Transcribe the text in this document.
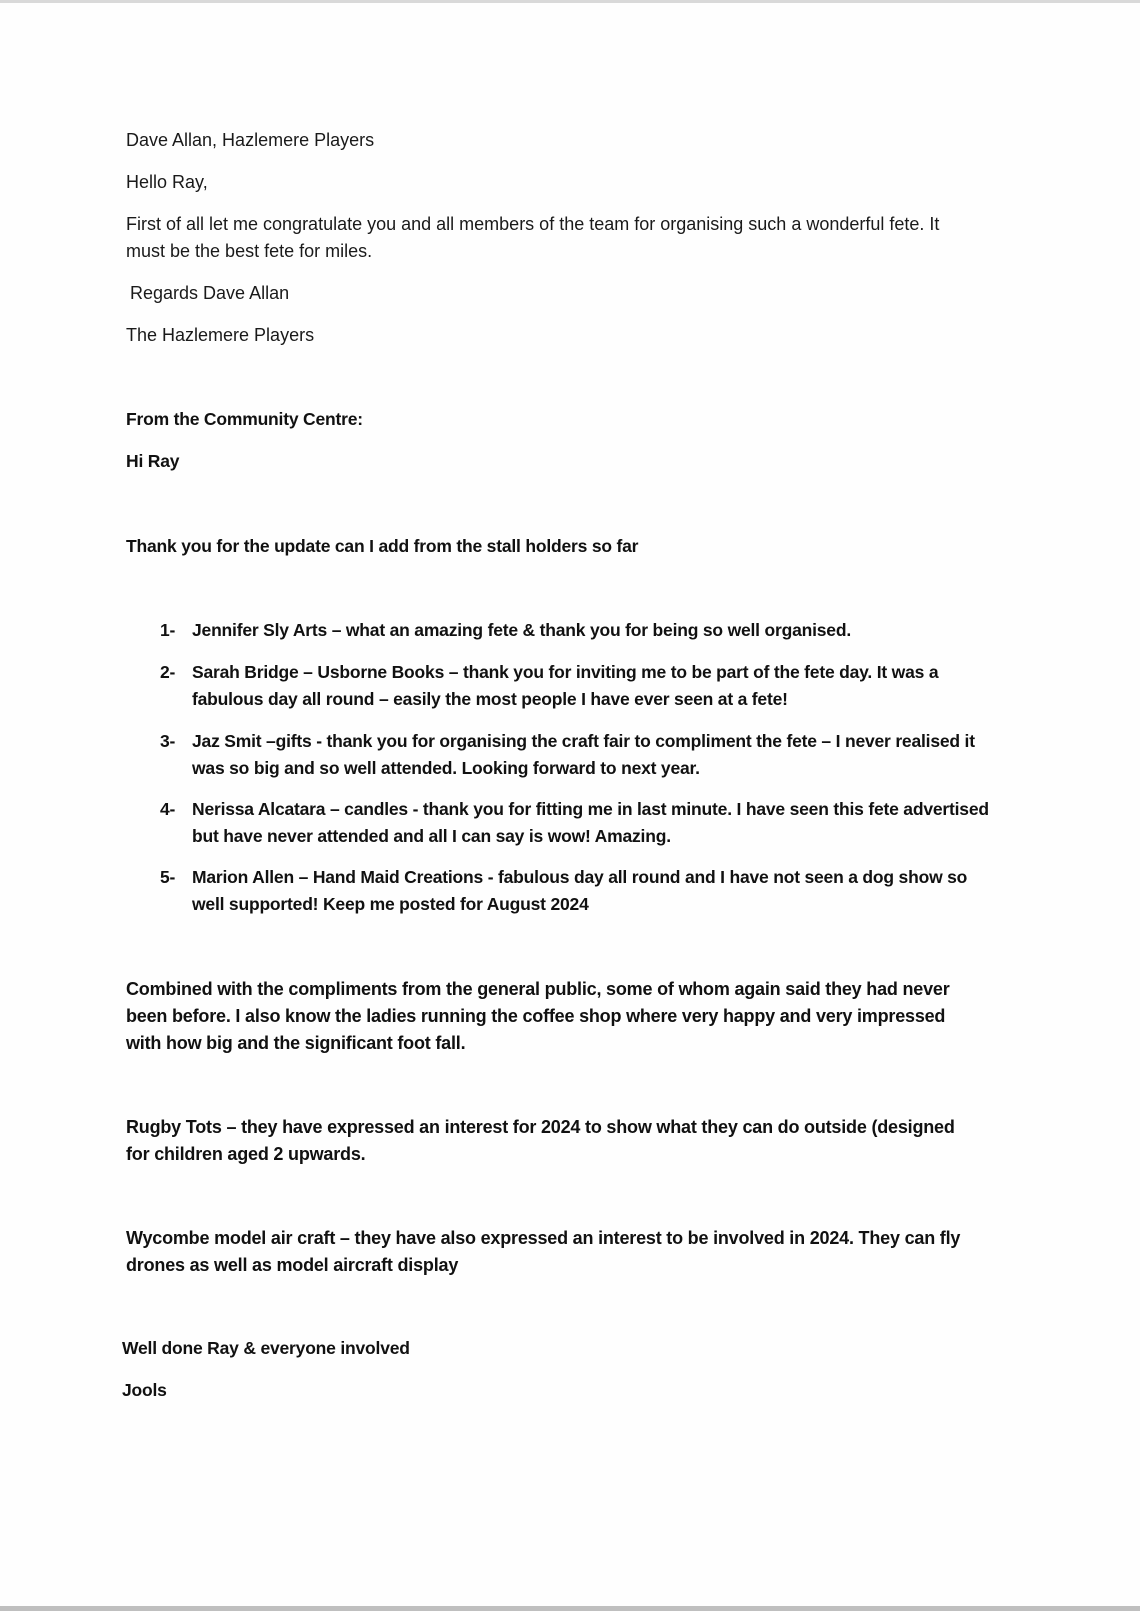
Dave Allan, Hazlemere Players
Hello Ray,
First of all let me congratulate you and all members of the team for organising such a wonderful fete. It must be the best fete for miles.
Regards Dave Allan
The Hazlemere Players
From the Community Centre:
Hi Ray
Thank you for the update can I add from the stall holders so far
1- Jennifer Sly Arts – what an amazing fete & thank you for being so well organised.
2- Sarah Bridge – Usborne Books – thank you for inviting me to be part of the fete day. It was a fabulous day all round – easily the most people I have ever seen at a fete!
3- Jaz Smit –gifts - thank you for organising the craft fair to compliment the fete – I never realised it was so big and so well attended. Looking forward to next year.
4- Nerissa Alcatara – candles - thank you for fitting me in last minute. I have seen this fete advertised but have never attended and all I can say is wow! Amazing.
5- Marion Allen – Hand Maid Creations - fabulous day all round and I have not seen a dog show so well supported! Keep me posted for August 2024
Combined with the compliments from the general public, some of whom again said they had never been before. I also know the ladies running the coffee shop where very happy and very impressed with how big and the significant foot fall.
Rugby Tots – they have expressed an interest for 2024 to show what they can do outside (designed for children aged 2 upwards.
Wycombe model air craft – they have also expressed an interest to be involved in 2024. They can fly drones as well as model aircraft display
Well done Ray & everyone involved
Jools
